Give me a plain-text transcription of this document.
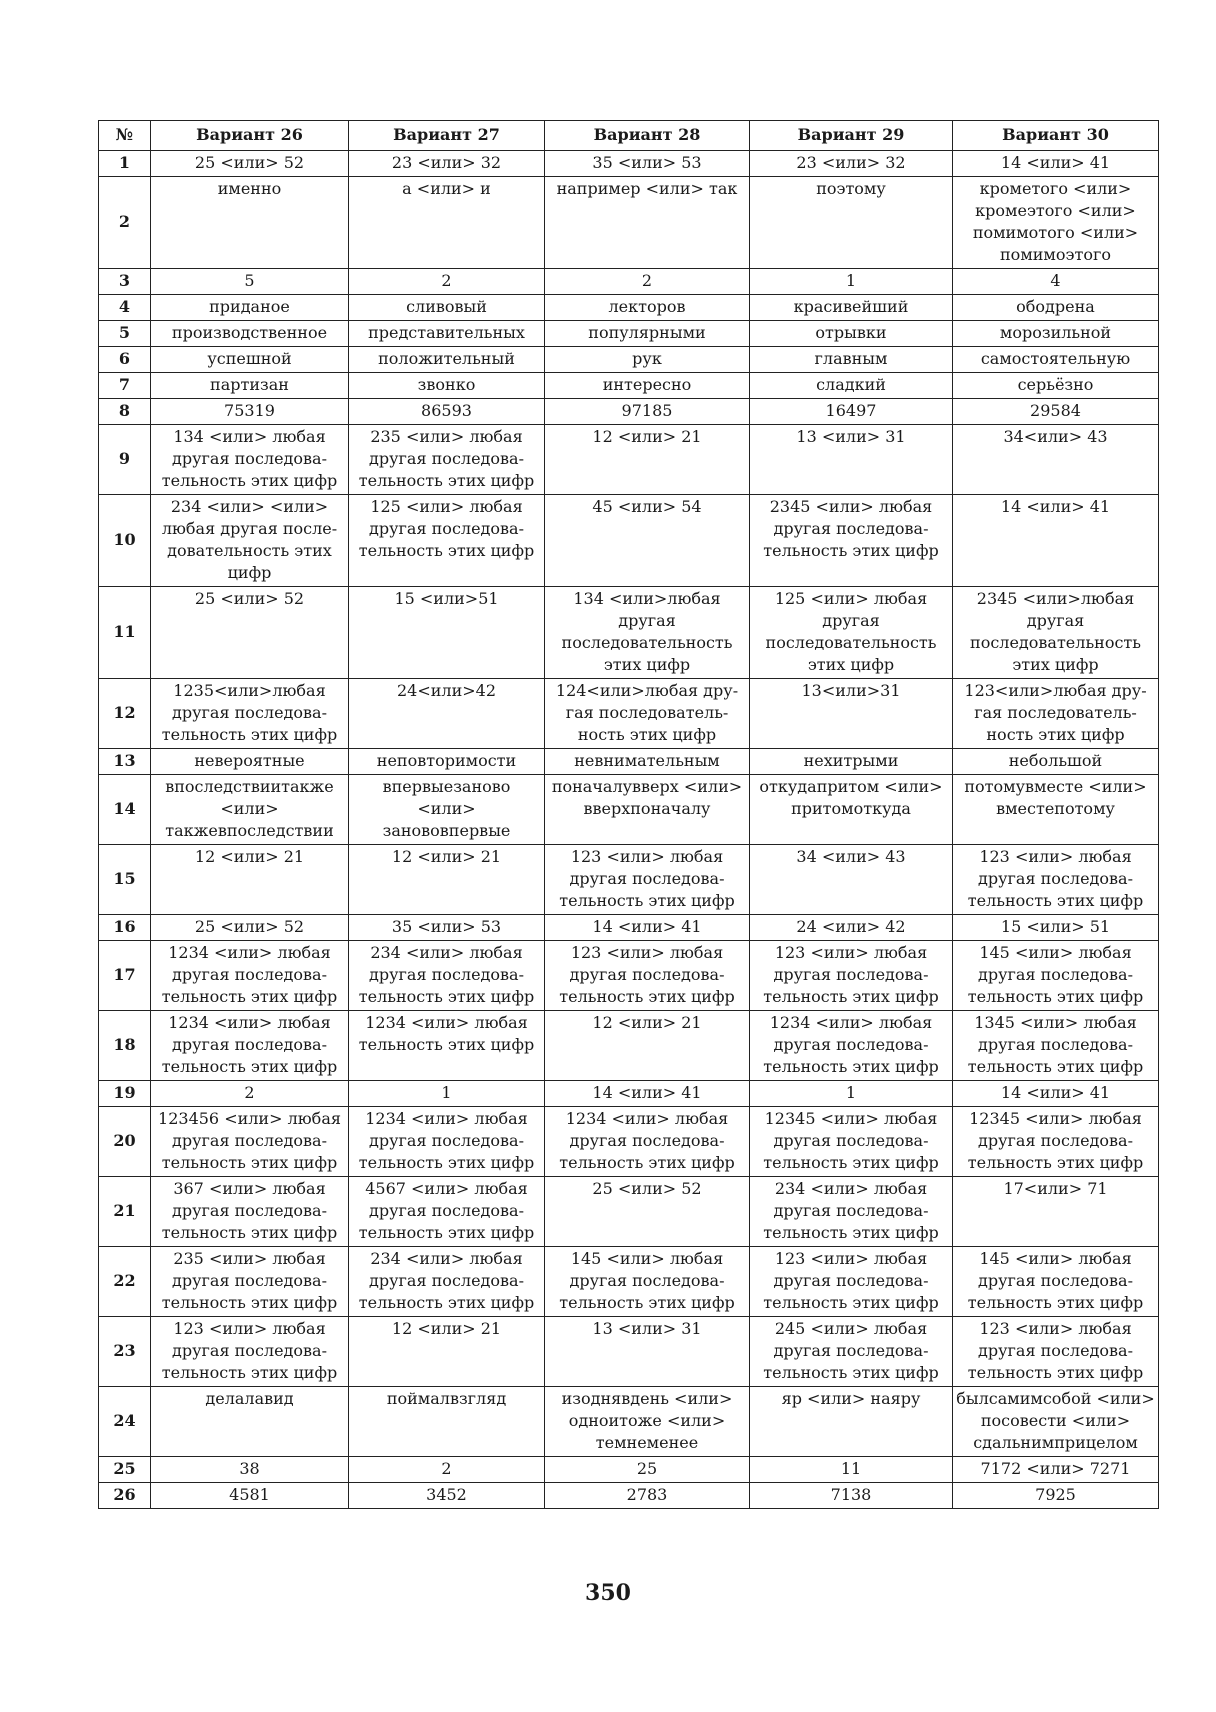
№	Вариант 26	Вариант 27	Вариант 28	Вариант 29	Вариант 30
1	25 <или> 52	23 <или> 32	35 <или> 53	23 <или> 32	14 <или> 41
2	именно	а <или> и	например <или> так	поэтому	крометого <или> кромеэтого <или> помимотого <или> помимоэтого
3	5	2	2	1	4
4	приданое	сливовый	лекторов	красивейший	ободрена
5	производственное	представительных	популярными	отрывки	морозильной
6	успешной	положительный	рук	главным	самостоятельную
7	партизан	звонко	интересно	сладкий	серьёзно
8	75319	86593	97185	16497	29584
9	134 <или> любая другая последова- тельность этих цифр	235 <или> любая другая последова- тельность этих цифр	12 <или> 21	13 <или> 31	34<или> 43
10	234 <или> <или> любая другая после- довательность этих цифр	125 <или> любая другая последова- тельность этих цифр	45 <или> 54	2345 <или> любая другая последова- тельность этих цифр	14 <или> 41
11	25 <или> 52	15 <или>51	134 <или>любая другая последовательность этих цифр	125 <или> любая другая последовательность этих цифр	2345 <или>любая другая последовательность этих цифр
12	1235<или>любая другая последова- тельность этих цифр	24<или>42	124<или>любая дру- гая последователь- ность этих цифр	13<или>31	123<или>любая дру- гая последователь- ность этих цифр
13	невероятные	неповторимости	невнимательным	нехитрыми	небольшой
14	впоследствиитакже <или> такжевпоследствии	впервыезаново <или> занововпервые	поначалувверх <или> вверхпоначалу	откудапритом <или> притомоткуда	потомувместе <или> вместепотому
15	12 <или> 21	12 <или> 21	123 <или> любая другая последова- тельность этих цифр	34 <или> 43	123 <или> любая другая последова- тельность этих цифр
16	25 <или> 52	35 <или> 53	14 <или> 41	24 <или> 42	15 <или> 51
17	1234 <или> любая другая последова- тельность этих цифр	234 <или> любая другая последова- тельность этих цифр	123 <или> любая другая последова- тельность этих цифр	123 <или> любая другая последова- тельность этих цифр	145 <или> любая другая последова- тельность этих цифр
18	1234 <или> любая другая последова- тельность этих цифр	1234 <или> любая тельность этих цифр	12 <или> 21	1234 <или> любая другая последова- тельность этих цифр	1345 <или> любая другая последова- тельность этих цифр
19	2	1	14 <или> 41	1	14 <или> 41
20	123456 <или> любая другая последова- тельность этих цифр	1234 <или> любая другая последова- тельность этих цифр	1234 <или> любая другая последова- тельность этих цифр	12345 <или> любая другая последова- тельность этих цифр	12345 <или> любая другая последова- тельность этих цифр
21	367 <или> любая другая последова- тельность этих цифр	4567 <или> любая другая последова- тельность этих цифр	25 <или> 52	234 <или> любая другая последова- тельность этих цифр	17<или> 71
22	235 <или> любая другая последова- тельность этих цифр	234 <или> любая другая последова- тельность этих цифр	145 <или> любая другая последова- тельность этих цифр	123 <или> любая другая последова- тельность этих цифр	145 <или> любая другая последова- тельность этих цифр
23	123 <или> любая другая последова- тельность этих цифр	12 <или> 21	13 <или> 31	245 <или> любая другая последова- тельность этих цифр	123 <или> любая другая последова- тельность этих цифр
24	делалавид	поймалвзгляд	изоднявдень <или> одноитоже <или> темнеменее	яр <или> наяру	былсамимсобой <или> посовести <или> сдальнимприцелом
25	38	2	25	11	7172 <или> 7271
26	4581	3452	2783	7138	7925
350
